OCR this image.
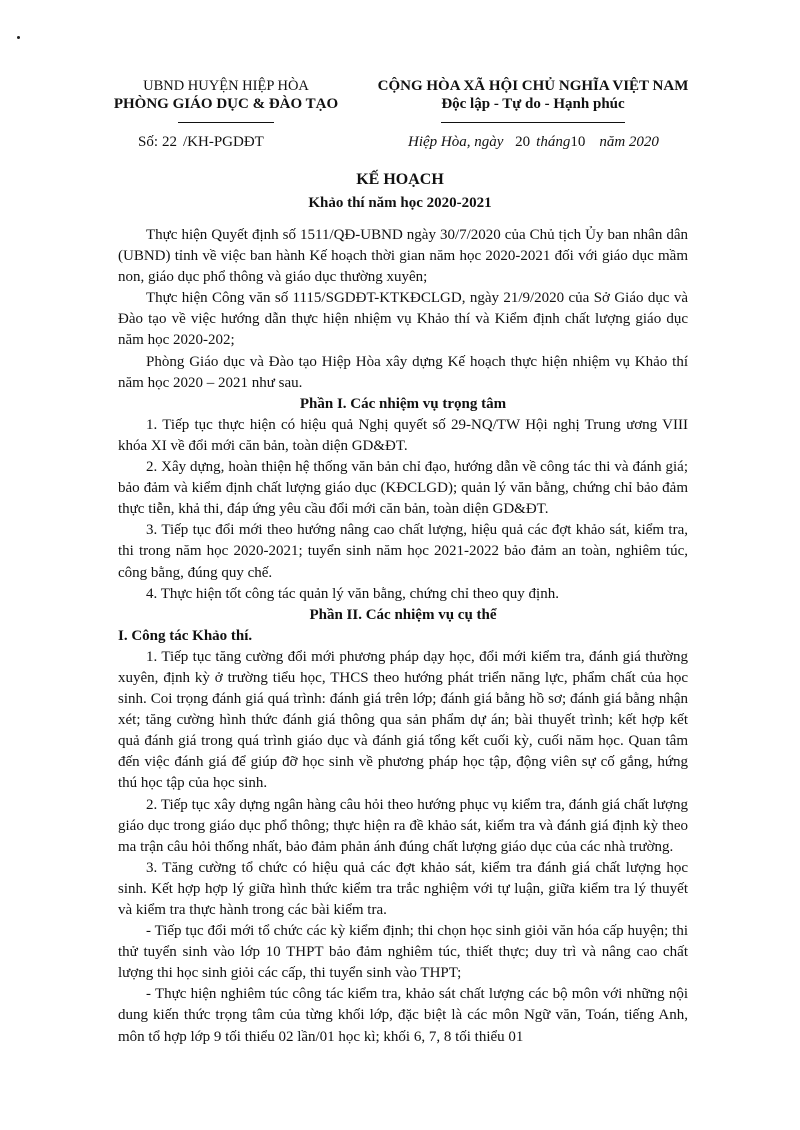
UBND HUYỆN HIỆP HÒA
PHÒNG GIÁO DỤC & ĐÀO TẠO
CỘNG HÒA XÃ HỘI CHỦ NGHĨA VIỆT NAM
Độc lập - Tự do - Hạnh phúc
Số: 22 /KH-PGDĐT	Hiệp Hòa, ngày 20 tháng10 năm 2020
KẾ HOẠCH
Khảo thí năm học 2020-2021

Thực hiện Quyết định số 1511/QĐ-UBND ngày 30/7/2020 của Chủ tịch Ủy ban nhân dân (UBND) tỉnh về việc ban hành Kế hoạch thời gian năm học 2020-2021 đối với giáo dục mầm non, giáo dục phổ thông và giáo dục thường xuyên;

Thực hiện Công văn số 1115/SGDĐT-KTKĐCLGD, ngày 21/9/2020 của Sở Giáo dục và Đào tạo về việc hướng dẫn thực hiện nhiệm vụ Khảo thí và Kiểm định chất lượng giáo dục năm học 2020-202;

Phòng Giáo dục và Đào tạo Hiệp Hòa xây dựng Kế hoạch thực hiện nhiệm vụ Khảo thí năm học 2020 – 2021 như sau.

Phần I. Các nhiệm vụ trọng tâm

1. Tiếp tục thực hiện có hiệu quả Nghị quyết số 29-NQ/TW Hội nghị Trung ương VIII khóa XI về đổi mới căn bản, toàn diện GD&ĐT.

2. Xây dựng, hoàn thiện hệ thống văn bản chỉ đạo, hướng dẫn về công tác thi và đánh giá; bảo đảm và kiểm định chất lượng giáo dục (KĐCLGD); quản lý văn bằng, chứng chỉ bảo đảm thực tiễn, khả thi, đáp ứng yêu cầu đổi mới căn bản, toàn diện GD&ĐT.

3. Tiếp tục đổi mới theo hướng nâng cao chất lượng, hiệu quả các đợt khảo sát, kiểm tra, thi trong năm học 2020-2021; tuyển sinh năm học 2021-2022 bảo đảm an toàn, nghiêm túc, công bằng, đúng quy chế.

4. Thực hiện tốt công tác quản lý văn bằng, chứng chỉ theo quy định.

Phần II. Các nhiệm vụ cụ thể

I. Công tác Khảo thí.

1. Tiếp tục tăng cường đổi mới phương pháp dạy học, đổi mới kiểm tra, đánh giá thường xuyên, định kỳ ở trường tiểu học, THCS theo hướng phát triển năng lực, phẩm chất của học sinh. Coi trọng đánh giá quá trình: đánh giá trên lớp; đánh giá bằng hồ sơ; đánh giá bằng nhận xét; tăng cường hình thức đánh giá thông qua sản phẩm dự án; bài thuyết trình; kết hợp kết quả đánh giá trong quá trình giáo dục và đánh giá tổng kết cuối kỳ, cuối năm học. Quan tâm đến việc đánh giá để giúp đỡ học sinh về phương pháp học tập, động viên sự cố gắng, hứng thú học tập của học sinh.

2. Tiếp tục xây dựng ngân hàng câu hỏi theo hướng phục vụ kiểm tra, đánh giá chất lượng giáo dục trong giáo dục phổ thông; thực hiện ra đề khảo sát, kiểm tra và đánh giá định kỳ theo ma trận câu hỏi thống nhất, bảo đảm phản ánh đúng chất lượng giáo dục của các nhà trường.

3. Tăng cường tổ chức có hiệu quả các đợt khảo sát, kiểm tra đánh giá chất lượng học sinh. Kết hợp hợp lý giữa hình thức kiểm tra trắc nghiệm với tự luận, giữa kiểm tra lý thuyết và kiểm tra thực hành trong các bài kiểm tra.

- Tiếp tục đổi mới tổ chức các kỳ kiểm định; thi chọn học sinh giỏi văn hóa cấp huyện; thi thử tuyển sinh vào lớp 10 THPT bảo đảm nghiêm túc, thiết thực; duy trì và nâng cao chất lượng thi học sinh giỏi các cấp, thi tuyển sinh vào THPT;

- Thực hiện nghiêm túc công tác kiểm tra, khảo sát chất lượng các bộ môn với những nội dung kiến thức trọng tâm của từng khối lớp, đặc biệt là các môn Ngữ văn, Toán, tiếng Anh, môn tổ hợp lớp 9 tối thiểu 02 lần/01 học kì; khối 6, 7, 8 tối thiểu 01
